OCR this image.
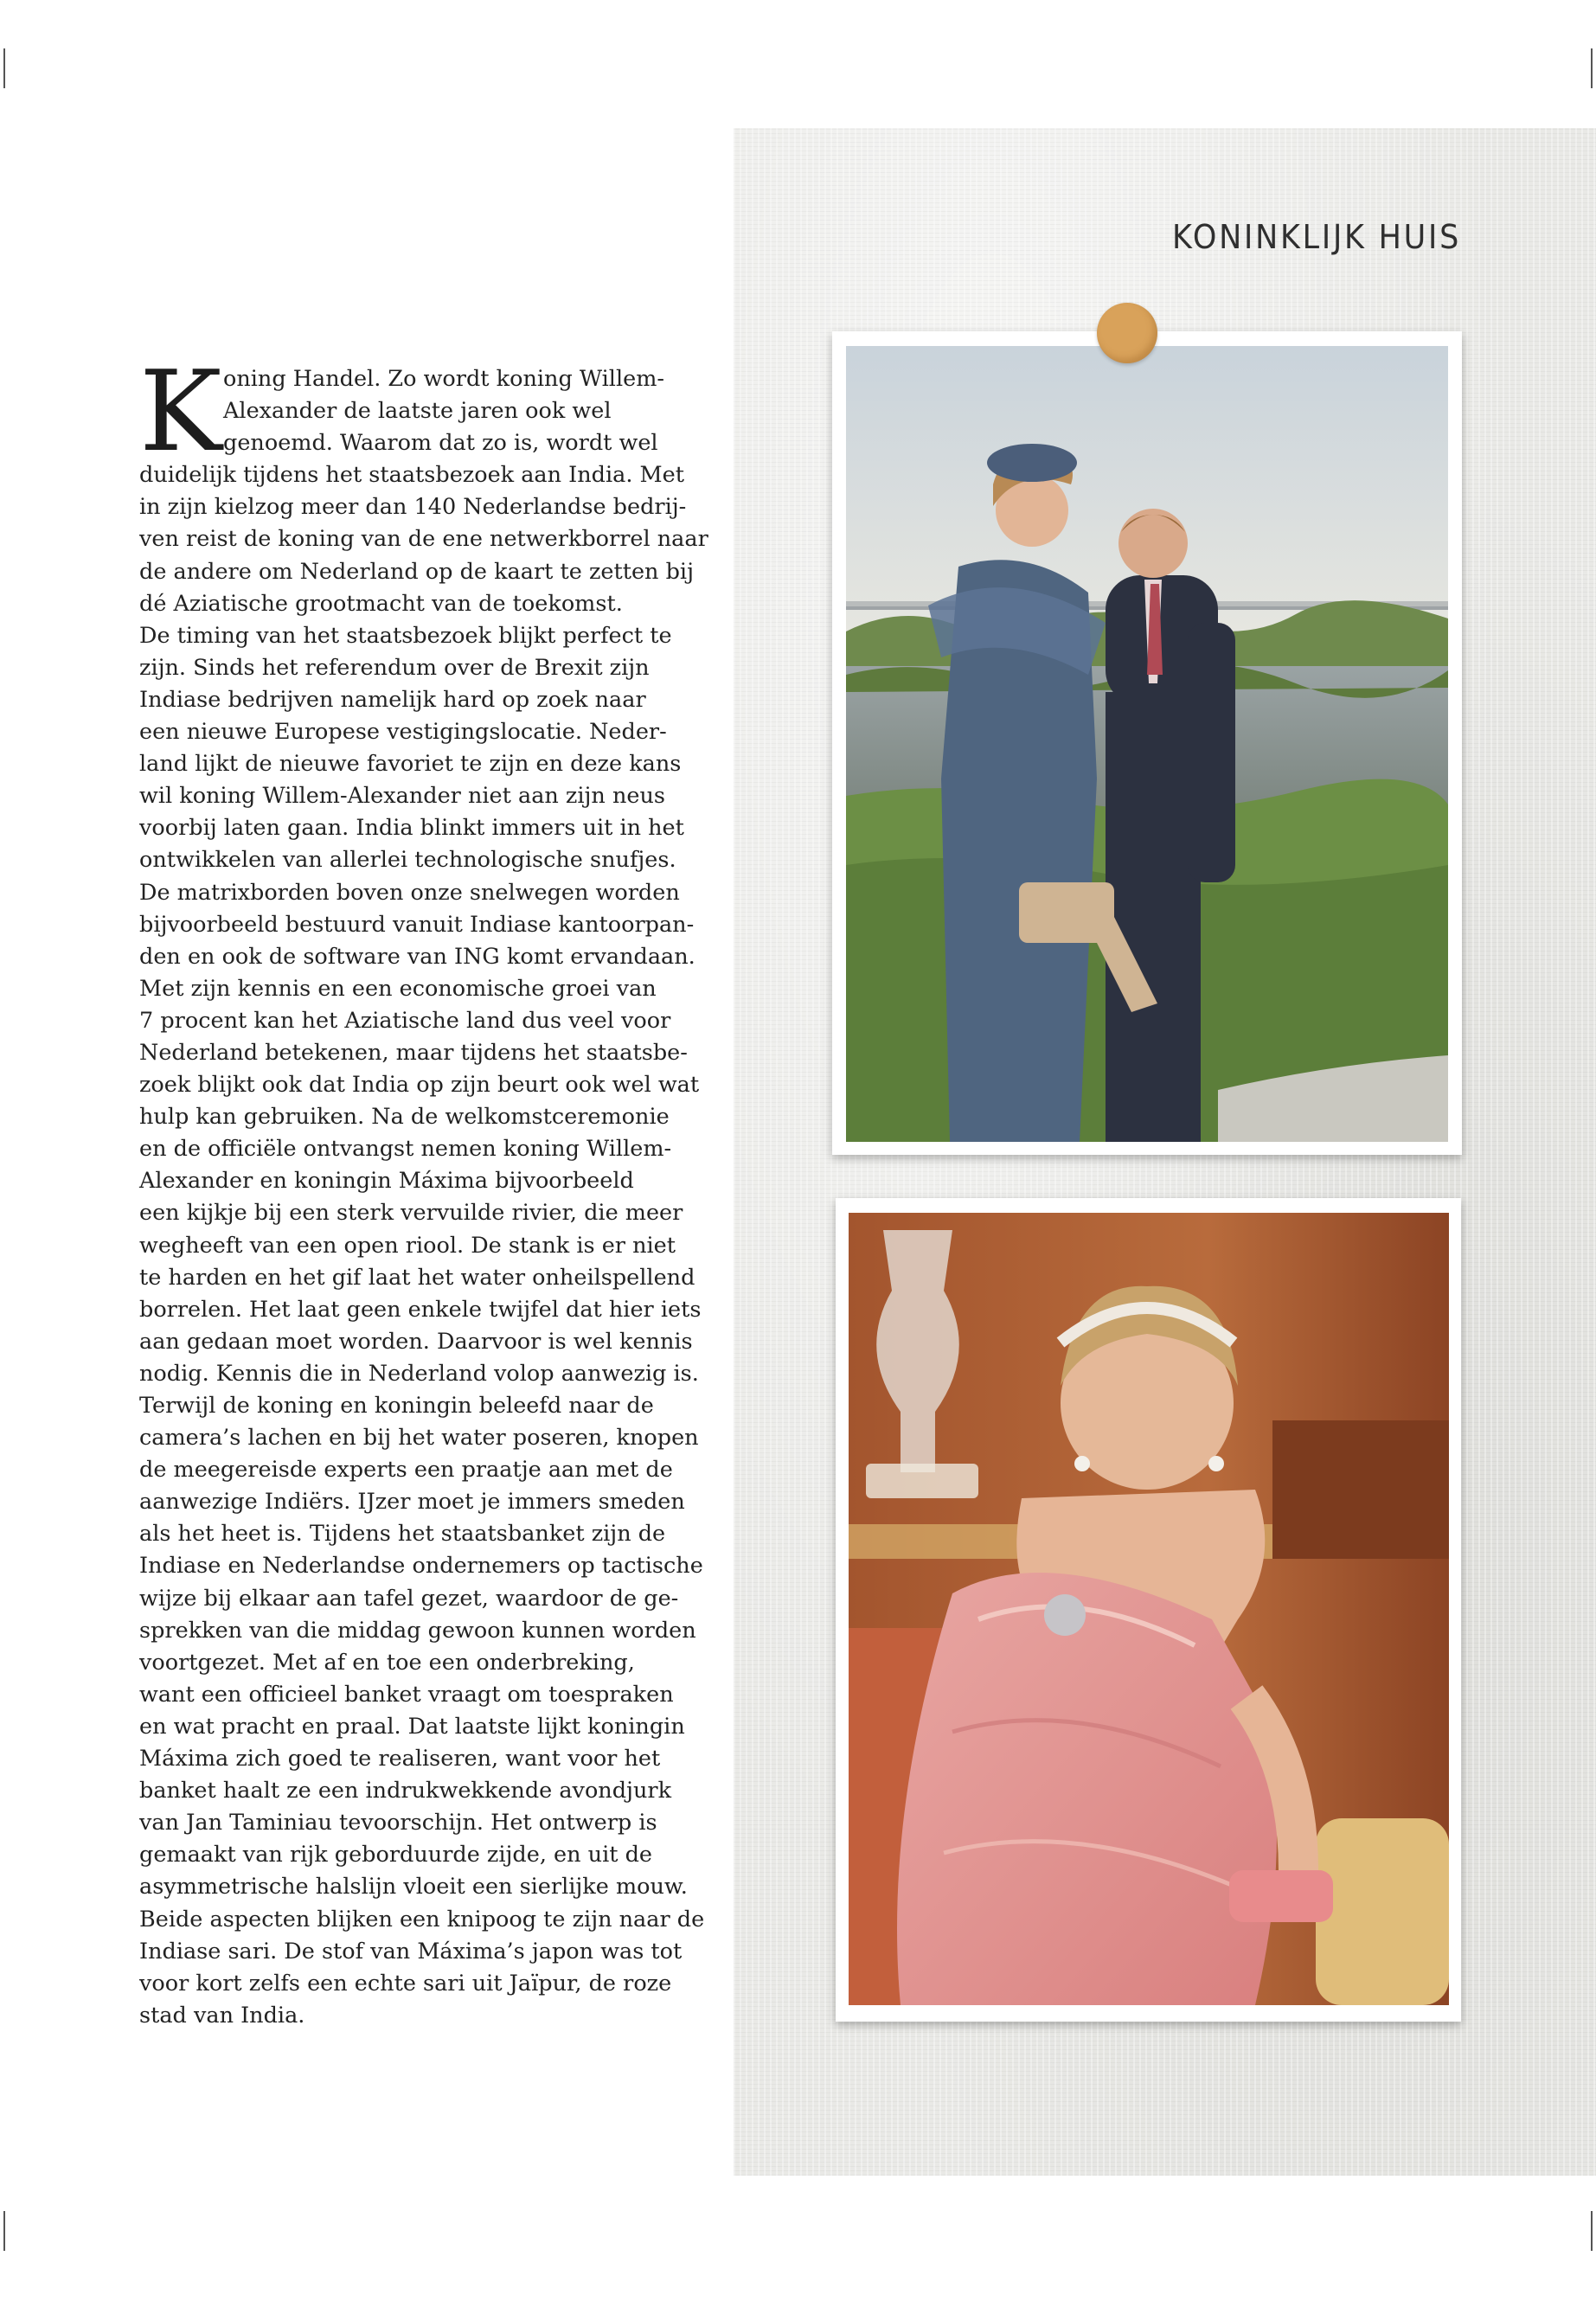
KONINKLIJK HUIS
K oning Handel. Zo wordt koning Willem-
Alexander de laatste jaren ook wel
genoemd. Waarom dat zo is, wordt wel
duidelijk tijdens het staatsbezoek aan India. Met
in zijn kielzog meer dan 140 Nederlandse bedrij-
ven reist de koning van de ene netwerkborrel naar
de andere om Nederland op de kaart te zetten bij
dé Aziatische grootmacht van de toekomst.
De timing van het staatsbezoek blijkt perfect te
zijn. Sinds het referendum over de Brexit zijn
Indiase bedrijven namelijk hard op zoek naar
een nieuwe Europese vestigingslocatie. Neder-
land lijkt de nieuwe favoriet te zijn en deze kans
wil koning Willem-Alexander niet aan zijn neus
voorbij laten gaan. India blinkt immers uit in het
ontwikkelen van allerlei technologische snufjes.
De matrixborden boven onze snelwegen worden
bijvoorbeeld bestuurd vanuit Indiase kantoorpan-
den en ook de software van ING komt ervandaan.
Met zijn kennis en een economische groei van
7 procent kan het Aziatische land dus veel voor
Nederland betekenen, maar tijdens het staatsbe-
zoek blijkt ook dat India op zijn beurt ook wel wat
hulp kan gebruiken. Na de welkomstceremonie
en de officiële ontvangst nemen koning Willem-
Alexander en koningin Máxima bijvoorbeeld
een kijkje bij een sterk vervuilde rivier, die meer
wegheeft van een open riool. De stank is er niet
te harden en het gif laat het water onheilspellend
borrelen. Het laat geen enkele twijfel dat hier iets
aan gedaan moet worden. Daarvoor is wel kennis
nodig. Kennis die in Nederland volop aanwezig is.
Terwijl de koning en koningin beleefd naar de
camera’s lachen en bij het water poseren, knopen
de meegereisde experts een praatje aan met de
aanwezige Indiërs. IJzer moet je immers smeden
als het heet is. Tijdens het staatsbanket zijn de
Indiase en Nederlandse ondernemers op tactische
wijze bij elkaar aan tafel gezet, waardoor de ge-
sprekken van die middag gewoon kunnen worden
voortgezet. Met af en toe een onderbreking,
want een officieel banket vraagt om toespraken
en wat pracht en praal. Dat laatste lijkt koningin
Máxima zich goed te realiseren, want voor het
banket haalt ze een indrukwekkende avondjurk
van Jan Taminiau tevoorschijn. Het ontwerp is
gemaakt van rijk geborduurde zijde, en uit de
asymmetrische halslijn vloeit een sierlijke mouw.
Beide aspecten blijken een knipoog te zijn naar de
Indiase sari. De stof van Máxima’s japon was tot
voor kort zelfs een echte sari uit Jaïpur, de roze
stad van India.
